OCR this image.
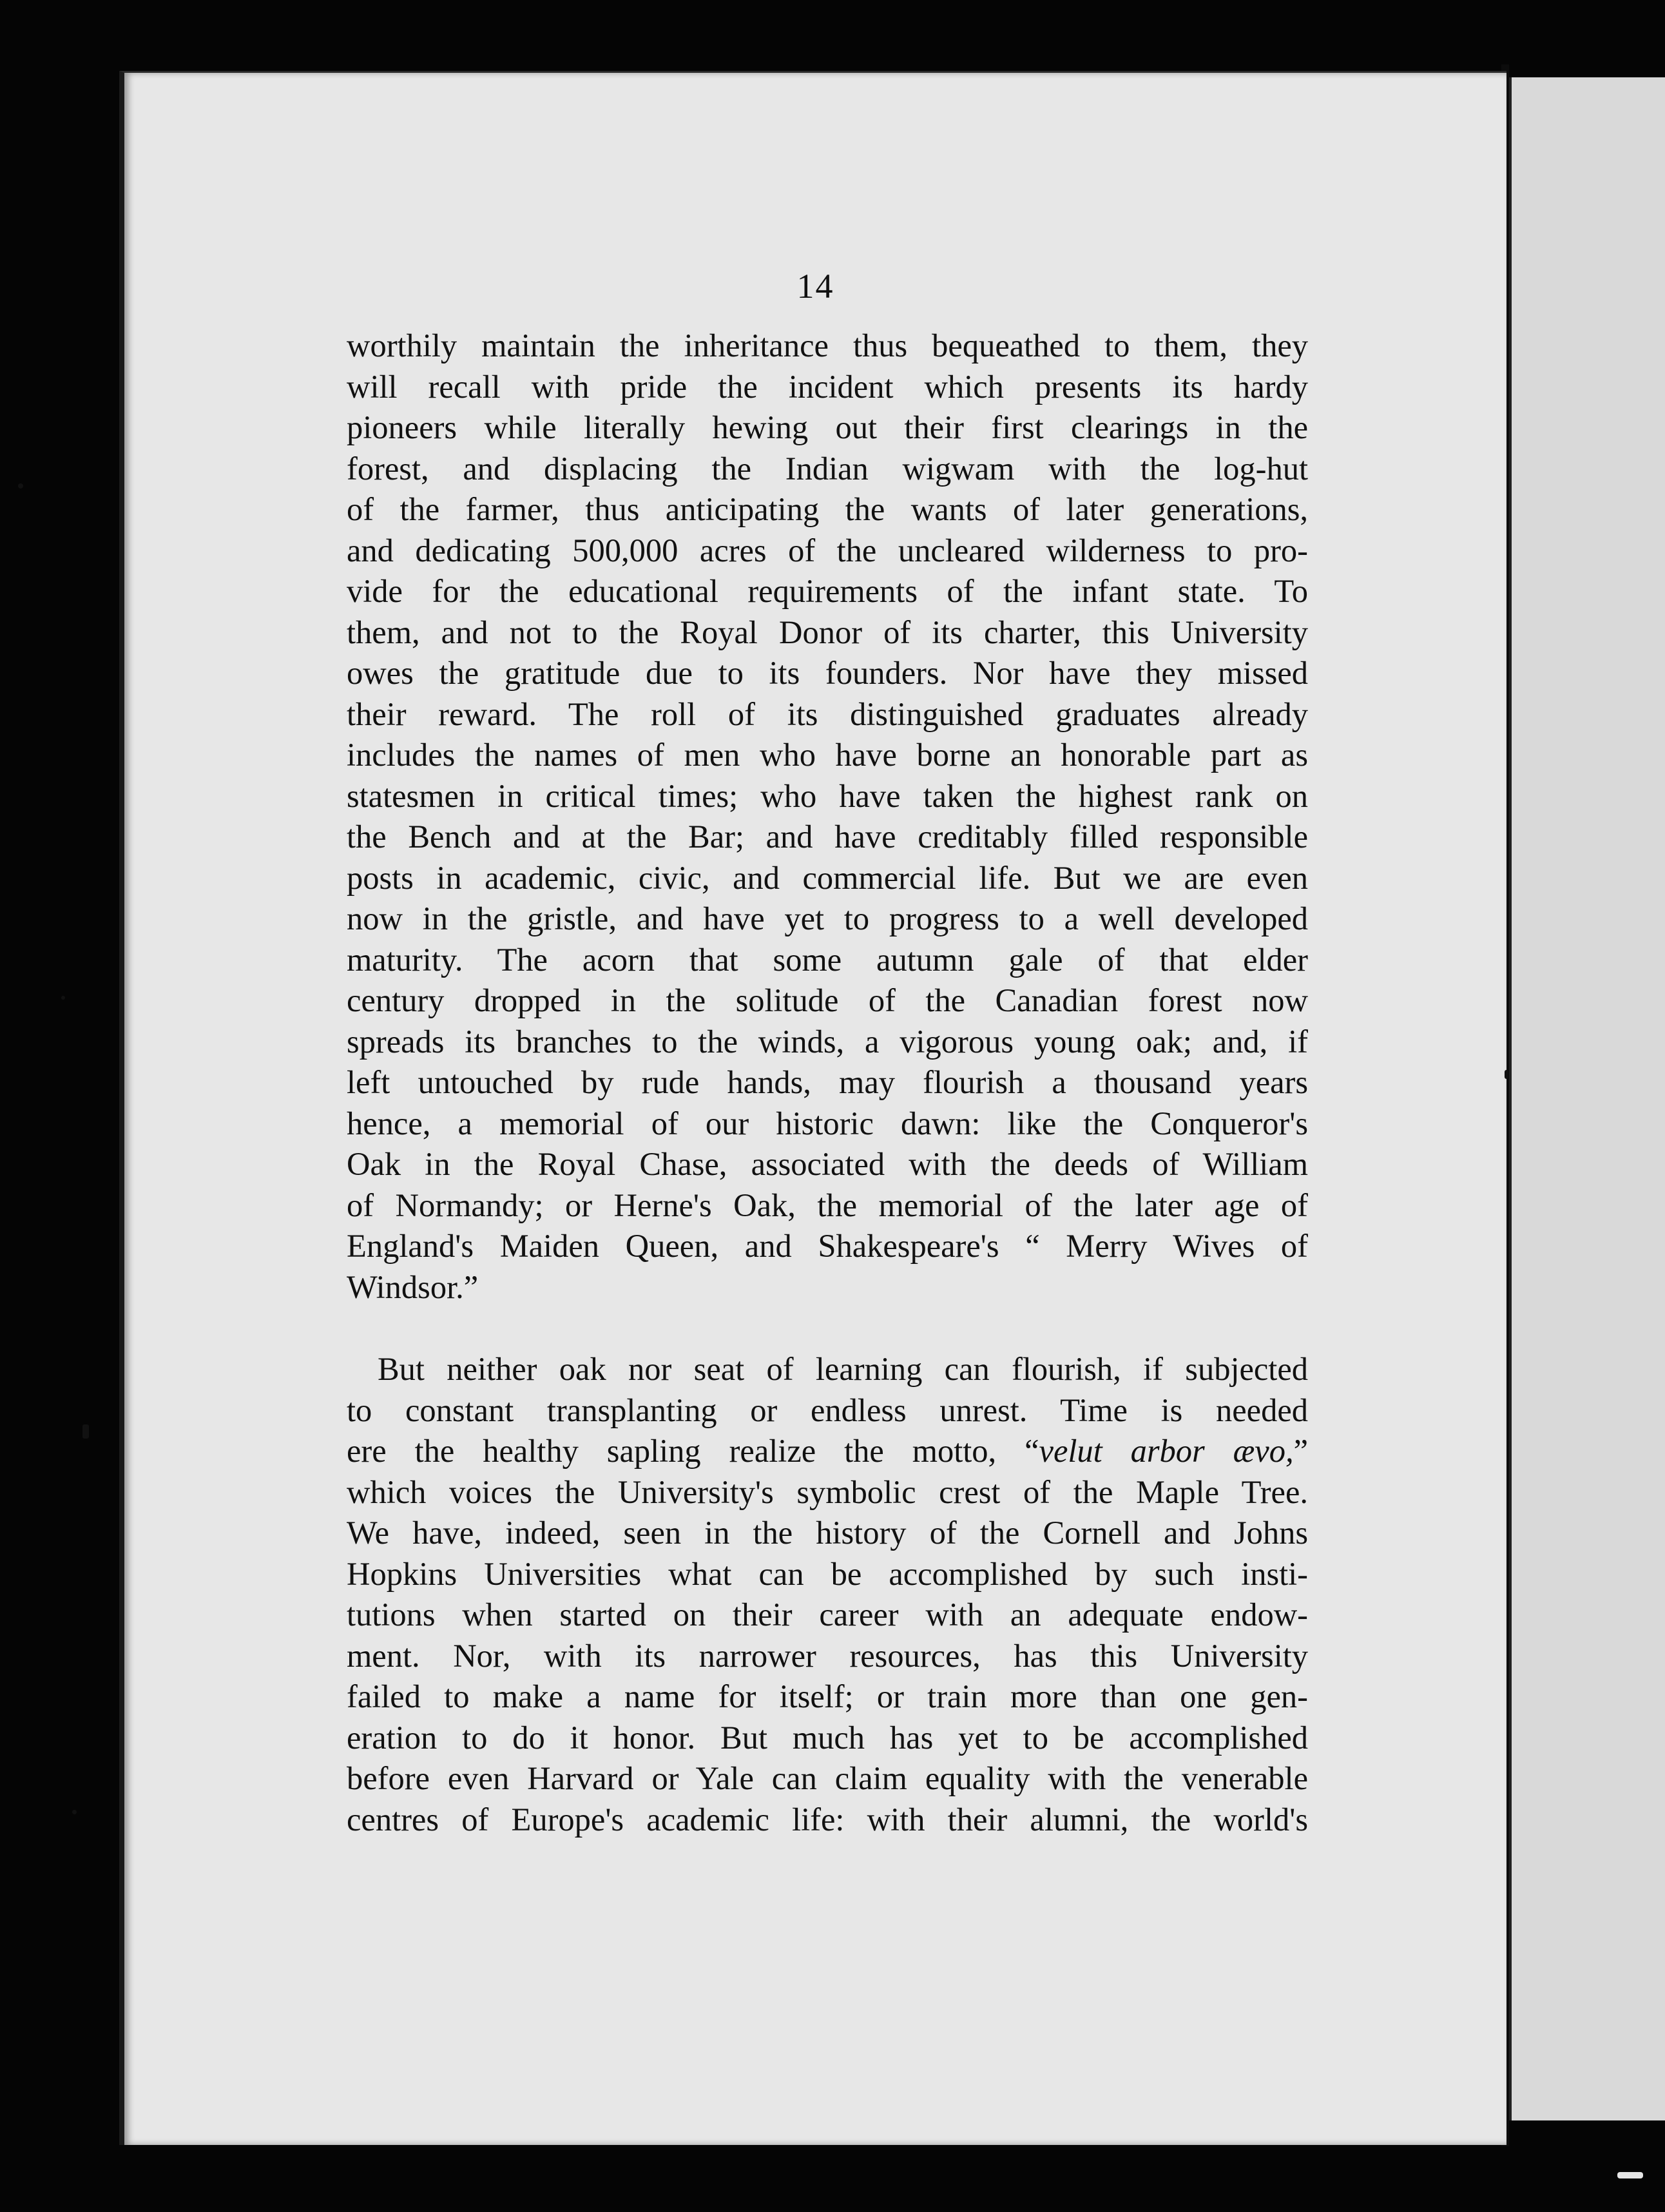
14
worthily maintain the inheritance thus bequeathed to them, they
will recall with pride the incident which presents its hardy
pioneers while literally hewing out their first clearings in the
forest, and displacing the Indian wigwam with the log-hut
of the farmer, thus anticipating the wants of later generations,
and dedicating 500,000 acres of the uncleared wilderness to pro-
vide for the educational requirements of the infant state. To
them, and not to the Royal Donor of its charter, this University
owes the gratitude due to its founders. Nor have they missed
their reward. The roll of its distinguished graduates already
includes the names of men who have borne an honorable part as
statesmen in critical times; who have taken the highest rank on
the Bench and at the Bar; and have creditably filled responsible
posts in academic, civic, and commercial life. But we are even
now in the gristle, and have yet to progress to a well developed
maturity. The acorn that some autumn gale of that elder
century dropped in the solitude of the Canadian forest now
spreads its branches to the winds, a vigorous young oak; and, if
left untouched by rude hands, may flourish a thousand years
hence, a memorial of our historic dawn: like the Conqueror's
Oak in the Royal Chase, associated with the deeds of William
of Normandy; or Herne's Oak, the memorial of the later age of
England's Maiden Queen, and Shakespeare's “ Merry Wives of
Windsor.”
But neither oak nor seat of learning can flourish, if subjected
to constant transplanting or endless unrest. Time is needed
ere the healthy sapling realize the motto, “velut arbor ævo,”
which voices the University's symbolic crest of the Maple Tree.
We have, indeed, seen in the history of the Cornell and Johns
Hopkins Universities what can be accomplished by such insti-
tutions when started on their career with an adequate endow-
ment. Nor, with its narrower resources, has this University
failed to make a name for itself; or train more than one gen-
eration to do it honor. But much has yet to be accomplished
before even Harvard or Yale can claim equality with the venerable
centres of Europe's academic life: with their alumni, the world's
